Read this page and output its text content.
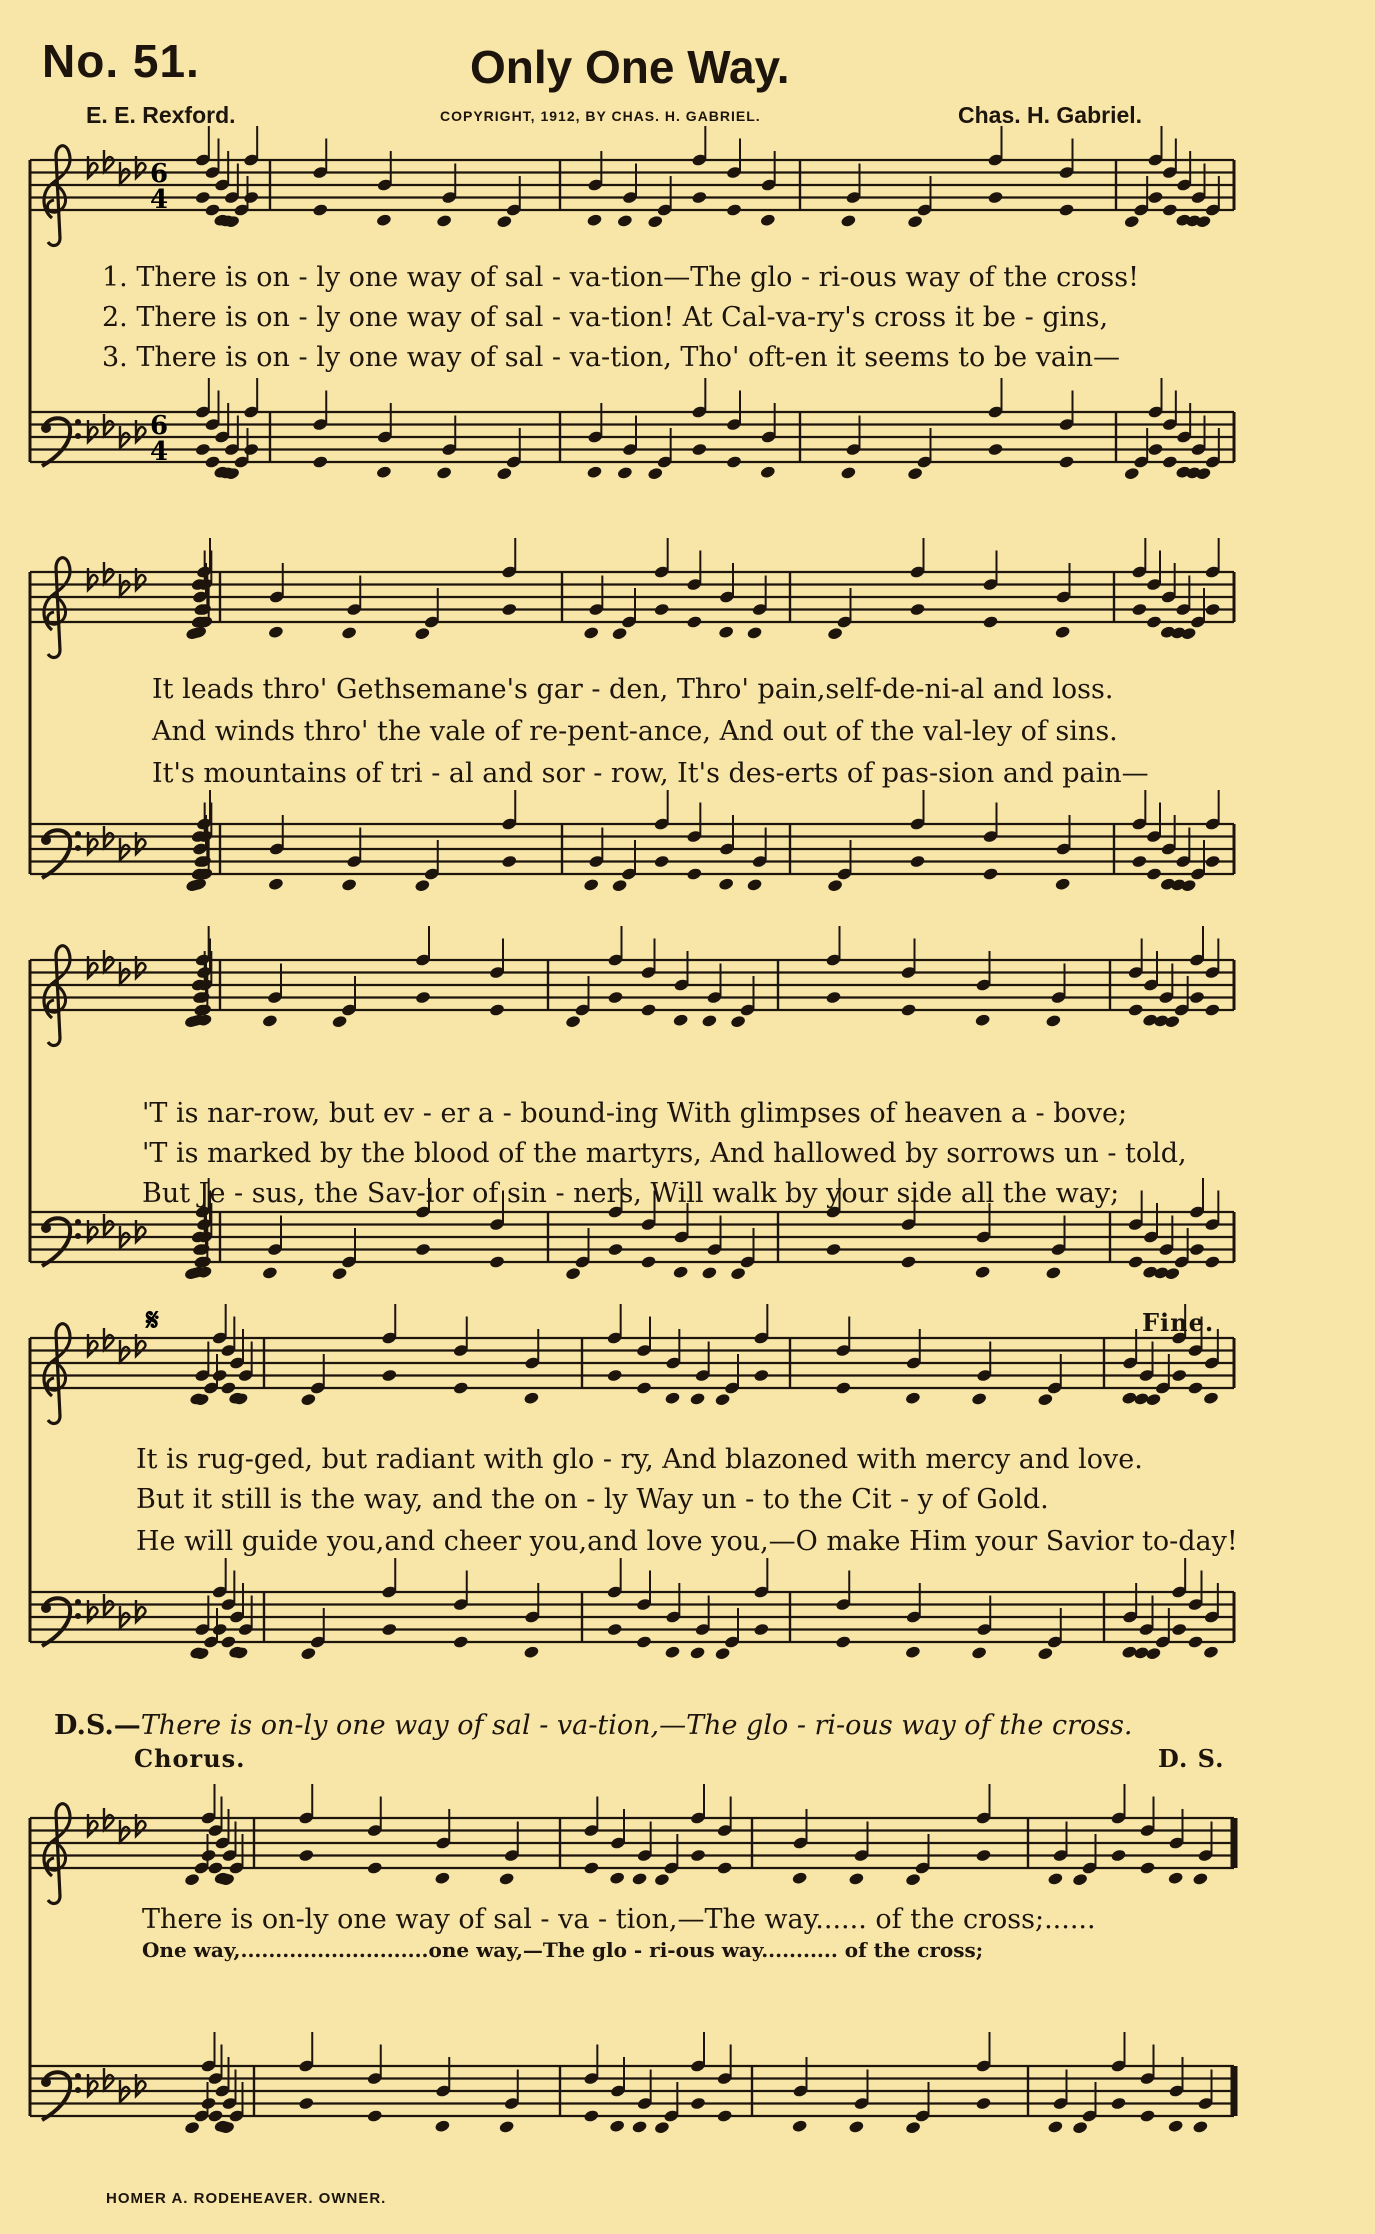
No. 51.	Only One Way.
E. E. Rexford.	COPYRIGHT, 1912, BY CHAS. H. GABRIEL.	Chas. H. Gabriel.
6
4
6
4
𝄋
1. There is on - ly one way of sal - va-tion—The glo - ri-ous way of the cross!
2. There is on - ly one way of sal - va-tion! At Cal-va-ry's cross it be - gins,
3. There is on - ly one way of sal - va-tion, Tho' oft-en it seems to be vain—
It leads thro' Gethsemane's gar - den, Thro' pain,self-de-ni-al and loss.
And winds thro' the vale of re-pent-ance, And out of the val-ley of sins.
It's mountains of tri - al and sor - row, It's des-erts of pas-sion and pain—
'T is nar-row, but ev - er a - bound-ing With glimpses of heaven a - bove;
'T is marked by the blood of the martyrs, And hallowed by sorrows un - told,
But Je - sus, the Sav-ior of sin - ners, Will walk by your side all the way;
Fine.
It is rug-ged, but radiant with glo - ry, And blazoned with mercy and love.
But it still is the way, and the on - ly Way un - to the Cit - y of Gold.
He will guide you,and cheer you,and love you,—O make Him your Savior to-day!
D.S.—There is on-ly one way of sal - va-tion,—The glo - ri-ous way of the cross.
Chorus.	D. S.
There is on-ly one way of sal - va - tion,—The way...... of the cross;......
One way,...........................one way,—The glo - ri-ous way........... of the cross;
HOMER A. RODEHEAVER. OWNER.
